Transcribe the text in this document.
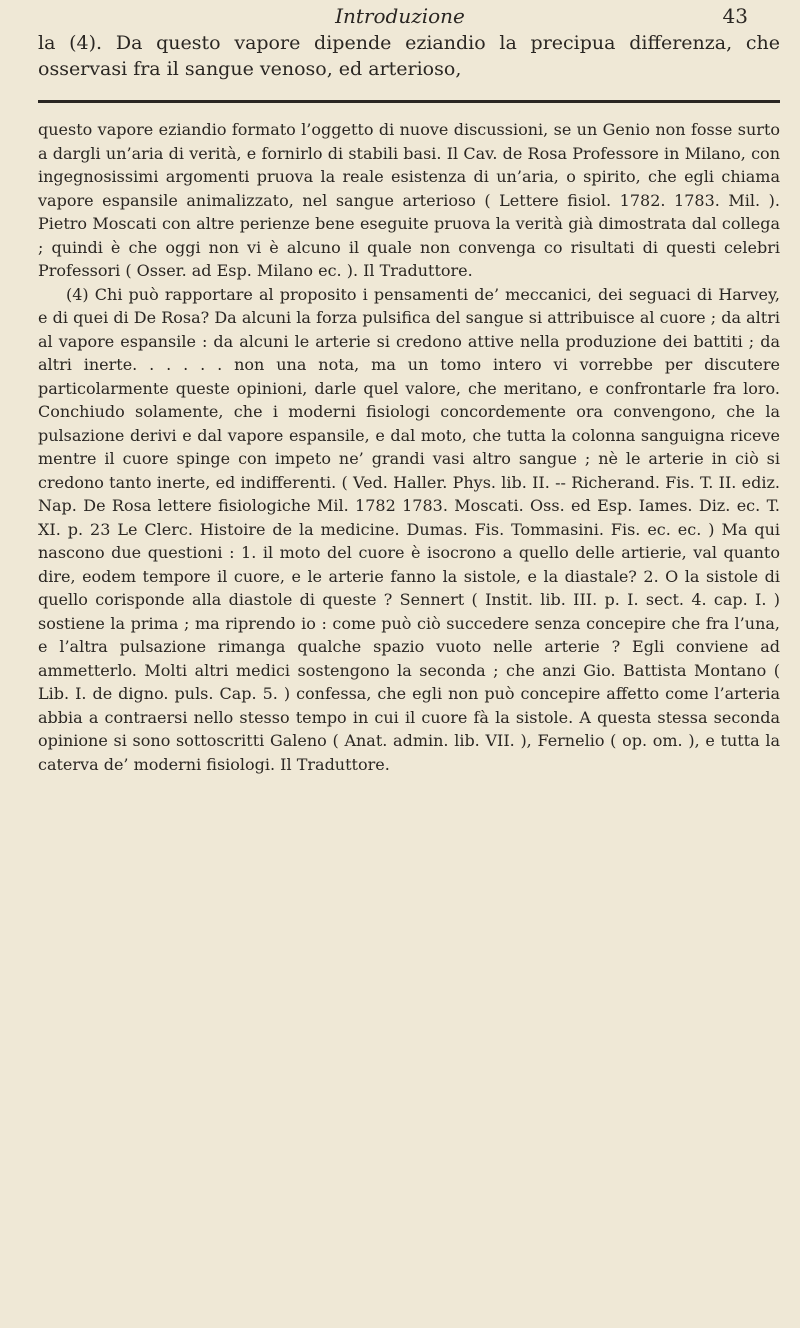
Introduzione	43
la (4). Da questo vapore dipende eziandio la precipua differenza, che osservasi fra il sangue venoso, ed arterioso,

questo vapore eziandio formato l’oggetto di nuove discussioni, se un Genio non fosse surto a dargli un’aria di verità, e fornirlo di stabili basi. Il Cav. de Rosa Professore in Milano, con ingegnosissimi argomenti pruova la reale esistenza di un’aria, o spirito, che egli chiama vapore espansile animalizzato, nel sangue arterioso ( Lettere fisiol. 1782. 1783. Mil. ). Pietro Moscati con altre perienze bene eseguite pruova la verità già dimostrata dal collega ; quindi è che oggi non vi è alcuno il quale non convenga co risultati di questi celebri Professori ( Osser. ad Esp. Milano ec. ). Il Traduttore.

(4) Chi può rapportare al proposito i pensamenti de’ meccanici, dei seguaci di Harvey, e di quei di De Rosa? Da alcuni la forza pulsifica del sangue si attribuisce al cuore ; da altri al vapore espansile : da alcuni le arterie si credono attive nella produzione dei battiti ; da altri inerte. . . . . . non una nota, ma un tomo intero vi vorrebbe per discutere particolarmente queste opinioni, darle quel valore, che meritano, e confrontarle fra loro. Conchiudo solamente, che i moderni fisiologi concordemente ora convengono, che la pulsazione derivi e dal vapore espansile, e dal moto, che tutta la colonna sanguigna riceve mentre il cuore spinge con impeto ne’ grandi vasi altro sangue ; nè le arterie in ciò si credono tanto inerte, ed indifferenti. ( Ved. Haller. Phys. lib. II. -- Richerand. Fis. T. II. ediz. Nap. De Rosa lettere fisiologiche Mil. 1782 1783. Moscati. Oss. ed Esp. Iames. Diz. ec. T. XI. p. 23 Le Clerc. Histoire de la medicine. Dumas. Fis. Tommasini. Fis. ec. ec. ) Ma qui nascono due questioni : 1. il moto del cuore è isocrono a quello delle artierie, val quanto dire, eodem tempore il cuore, e le arterie fanno la sistole, e la diastale? 2. O la sistole di quello corisponde alla diastole di queste ? Sennert ( Instit. lib. III. p. I. sect. 4. cap. I. ) sostiene la prima ; ma riprendo io : come può ciò succedere senza concepire che fra l’una, e l’altra pulsazione rimanga qualche spazio vuoto nelle arterie ? Egli conviene ad ammetterlo. Molti altri medici sostengono la seconda ; che anzi Gio. Battista Montano ( Lib. I. de digno. puls. Cap. 5. ) confessa, che egli non può concepire affetto come l’arteria abbia a contraersi nello stesso tempo in cui il cuore fà la sistole. A questa stessa seconda opinione si sono sottoscritti Galeno ( Anat. admin. lib. VII. ), Fernelio ( op. om. ), e tutta la caterva de’ moderni fisiologi. Il Traduttore.
